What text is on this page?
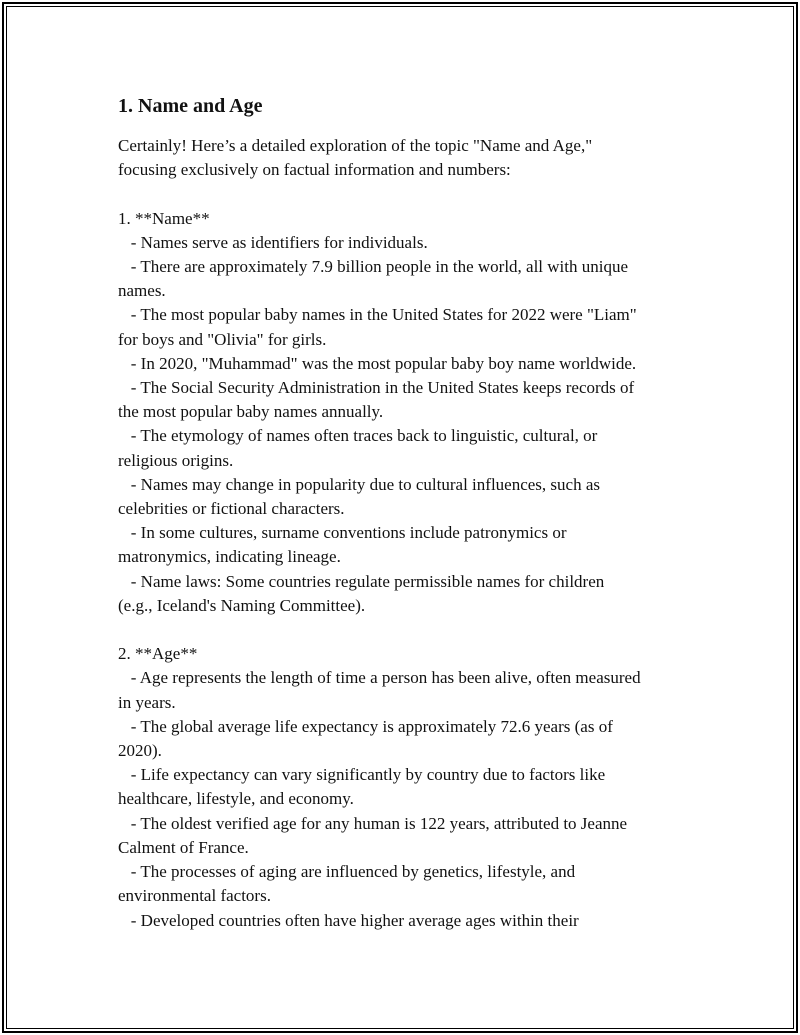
1. Name and Age

Certainly! Here’s a detailed exploration of the topic "Name and Age,"
focusing exclusively on factual information and numbers:

1. **Name**
- Names serve as identifiers for individuals.
- There are approximately 7.9 billion people in the world, all with unique
names.
- The most popular baby names in the United States for 2022 were "Liam"
for boys and "Olivia" for girls.
- In 2020, "Muhammad" was the most popular baby boy name worldwide.
- The Social Security Administration in the United States keeps records of
the most popular baby names annually.
- The etymology of names often traces back to linguistic, cultural, or
religious origins.
- Names may change in popularity due to cultural influences, such as
celebrities or fictional characters.
- In some cultures, surname conventions include patronymics or
matronymics, indicating lineage.
- Name laws: Some countries regulate permissible names for children
(e.g., Iceland's Naming Committee).

2. **Age**
- Age represents the length of time a person has been alive, often measured
in years.
- The global average life expectancy is approximately 72.6 years (as of
2020).
- Life expectancy can vary significantly by country due to factors like
healthcare, lifestyle, and economy.
- The oldest verified age for any human is 122 years, attributed to Jeanne
Calment of France.
- The processes of aging are influenced by genetics, lifestyle, and
environmental factors.
- Developed countries often have higher average ages within their
